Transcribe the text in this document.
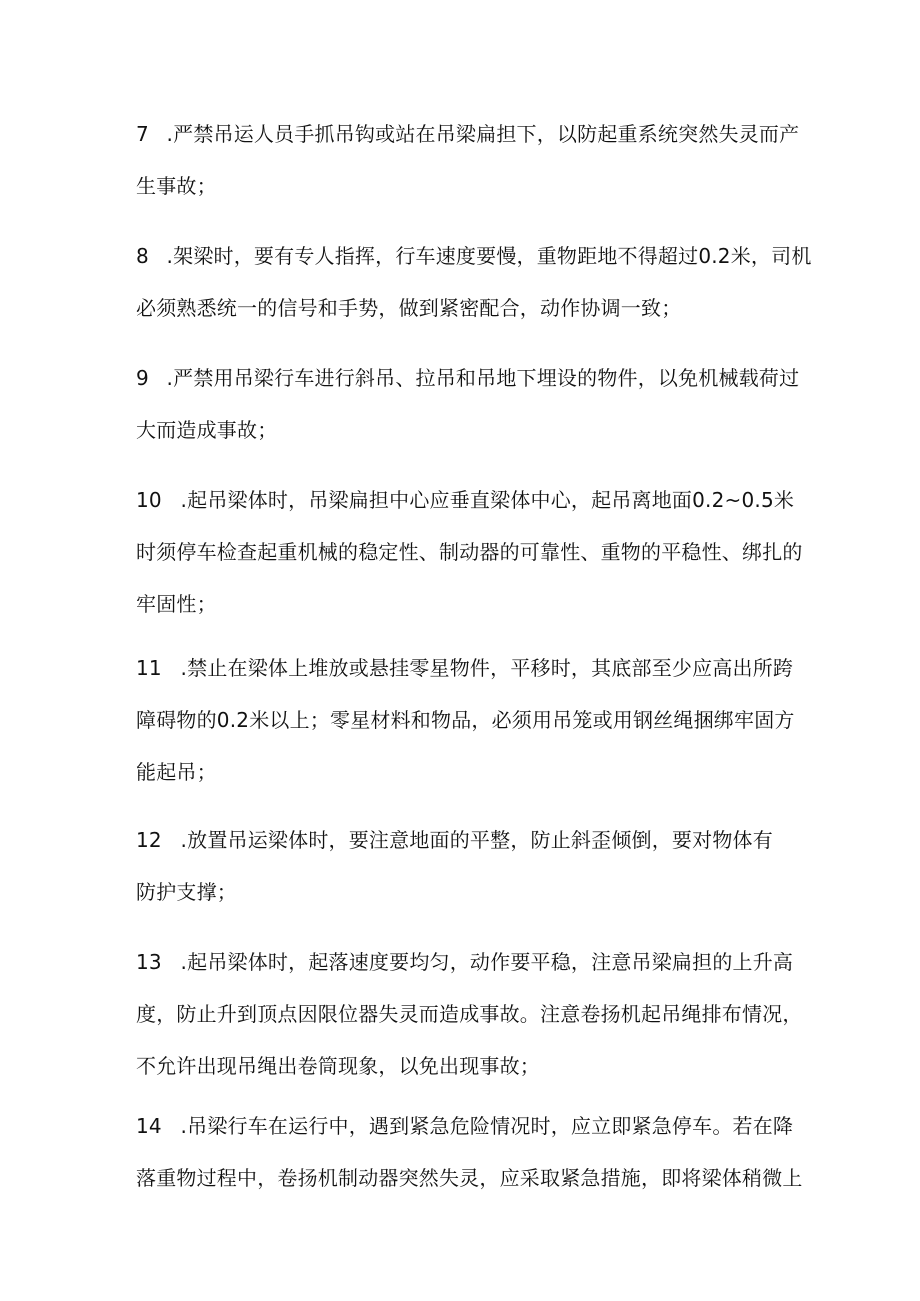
7 .严禁吊运人员手抓吊钩或站在吊梁扁担下，以防起重系统突然失灵而产
生事故；
8 .架梁时，要有专人指挥，行车速度要慢，重物距地不得超过0.2米，司机
必须熟悉统一的信号和手势，做到紧密配合，动作协调一致；
9 .严禁用吊梁行车进行斜吊、拉吊和吊地下埋设的物件，以免机械载荷过
大而造成事故；
10 .起吊梁体时，吊梁扁担中心应垂直梁体中心，起吊离地面0.2~0.5米
时须停车检查起重机械的稳定性、制动器的可靠性、重物的平稳性、绑扎的
牢固性；
11 .禁止在梁体上堆放或悬挂零星物件，平移时，其底部至少应高出所跨
障碍物的0.2米以上；零星材料和物品，必须用吊笼或用钢丝绳捆绑牢固方
能起吊；
12 .放置吊运梁体时，要注意地面的平整，防止斜歪倾倒，要对物体有
防护支撑；
13 .起吊梁体时，起落速度要均匀，动作要平稳，注意吊梁扁担的上升高
度，防止升到顶点因限位器失灵而造成事故。注意卷扬机起吊绳排布情况，
不允许出现吊绳出卷筒现象，以免出现事故；
14 .吊梁行车在运行中，遇到紧急危险情况时，应立即紧急停车。若在降
落重物过程中，卷扬机制动器突然失灵，应采取紧急措施，即将梁体稍微上
